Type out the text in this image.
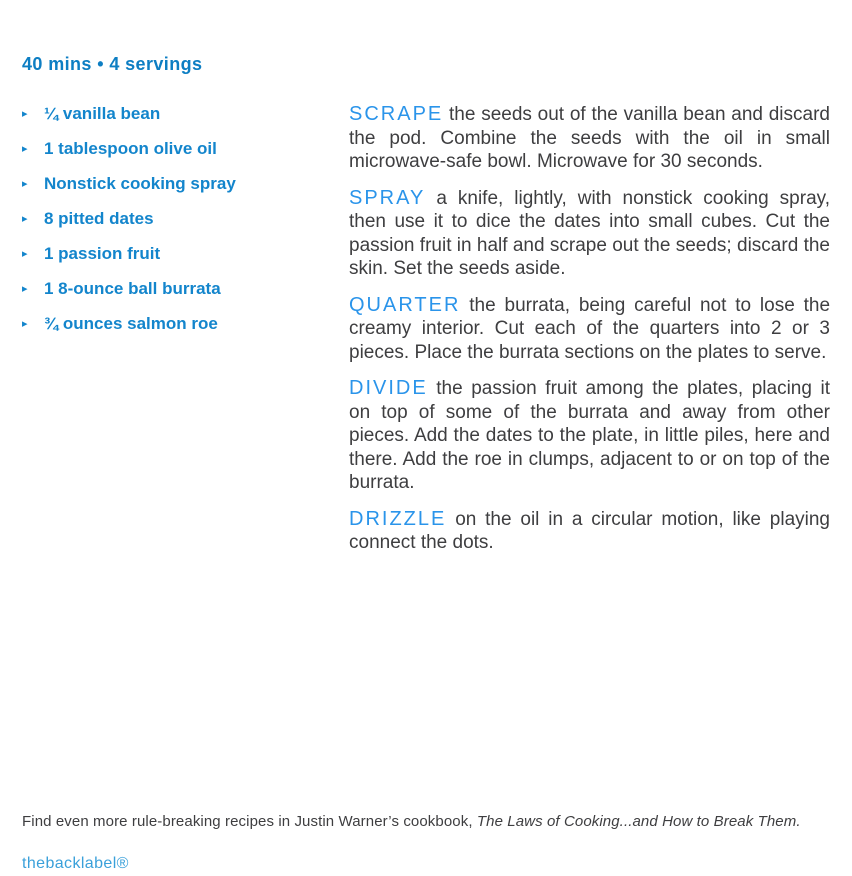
40 mins • 4 servings
▸ ¼ vanilla bean
▸ 1 tablespoon olive oil
▸ Nonstick cooking spray
▸ 8 pitted dates
▸ 1 passion fruit
▸ 1 8-ounce ball burrata
▸ ¾ ounces salmon roe

SCRAPE the seeds out of the vanilla bean and discard the pod. Combine the seeds with the oil in small microwave-safe bowl. Microwave for 30 seconds.

SPRAY a knife, lightly, with nonstick cooking spray, then use it to dice the dates into small cubes. Cut the passion fruit in half and scrape out the seeds; discard the skin. Set the seeds aside.

QUARTER the burrata, being careful not to lose the creamy interior. Cut each of the quarters into 2 or 3 pieces. Place the burrata sections on the plates to serve.

DIVIDE the passion fruit among the plates, placing it on top of some of the burrata and away from other pieces. Add the dates to the plate, in little piles, here and there. Add the roe in clumps, adjacent to or on top of the burrata.

DRIZZLE on the oil in a circular motion, like playing connect the dots.

Find even more rule-breaking recipes in Justin Warner’s cookbook, The Laws of Cooking...and How to Break Them.

thebacklabel®
